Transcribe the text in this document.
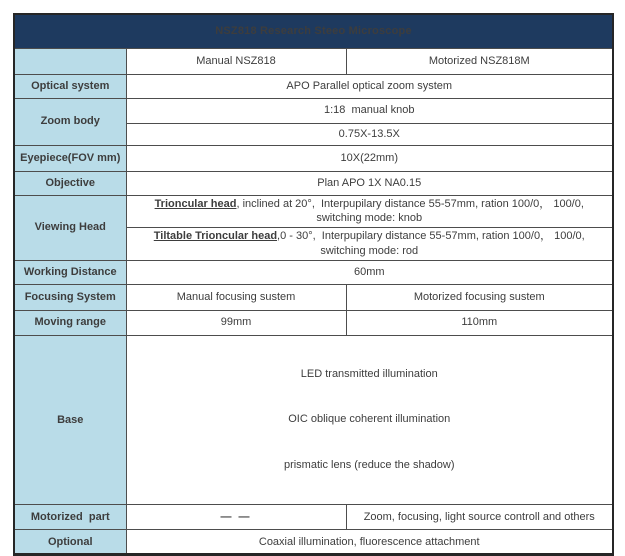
NSZ818 Research Steeo Microscope		
	Manual NSZ818	Motorized NSZ818M
Optical system	APO Parallel optical zoom system	
Zoom body	1:18  manual knob	
	0.75X-13.5X	
Eyepiece(FOV mm)	10X(22mm)	
Objective	Plan APO 1X NA0.15	
Viewing Head	Trioncular head, inclined at 20°,  Interpupilary distance 55-57mm, ration 100/0， 100/0, switching mode: knob	
	Tiltable Trioncular head,0 - 30°,  Interpupilary distance 55-57mm, ration 100/0， 100/0, switching mode: rod	
Working Distance	60mm	
Focusing System	Manual focusing sustem	Motorized focusing sustem
Moving range	99mm	110mm
Base	LED transmitted illumination

OIC oblique coherent illumination

prismatic lens (reduce the shadow)	

Motorized  part	— —	Zoom, focusing, light source controll and others
Optional	Coaxial illumination, fluorescence attachment	
